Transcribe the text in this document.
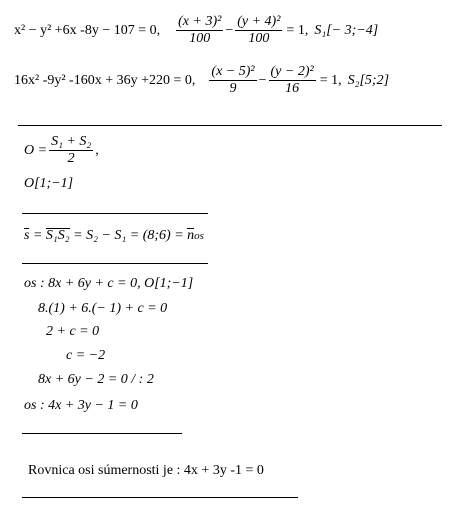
x² − y² +6x -8y − 107 = 0, $\frac{\text{(x + 3)²}}{100} - \frac{\text{(y + 4)²}}{100} = 1$, S₁[− 3;−4]
16x² -9y² -160x + 36y +220 = 0, $\frac{\text{(x − 5)²}}{9} - \frac{\text{(y − 2)²}}{16} = 1$, S₂[5;2]
$O = \frac{\text{S₁ + S₂}}{2}$ ,
O[1;−1]
s = S₁S₂ = S₂ − S₁ = (8;6) = nos
os : 8x + 6y + c = 0, O[1;−1]
8.(1) + 6.(− 1) + c = 0
2 + c = 0
c = −2
8x + 6y − 2 = 0 / : 2
os : 4x + 3y − 1 = 0
Rovnica osi súmernosti je : 4x + 3y -1 = 0
